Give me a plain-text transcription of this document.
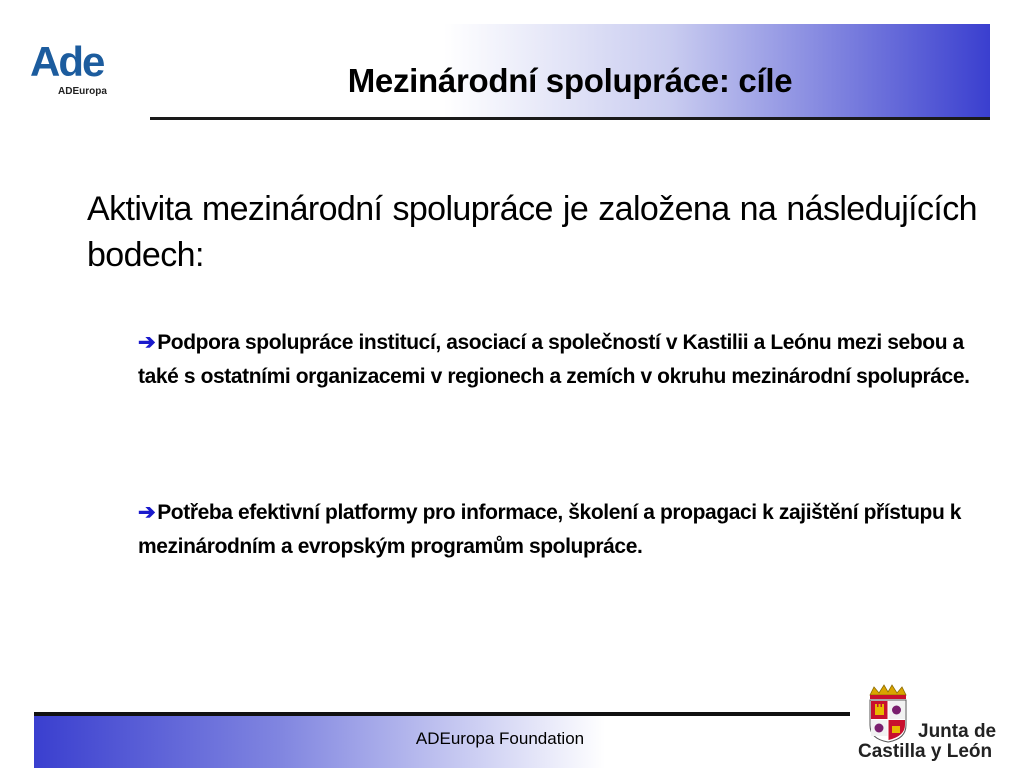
Ade
ADEuropa	Mezinárodní spolupráce: cíle
Aktivita mezinárodní spolupráce je založena na následujících bodech:
➔Podpora spolupráce institucí, asociací a společností v Kastilii a Leónu mezi sebou a také s ostatními organizacemi v regionech a zemích v okruhu mezinárodní spolupráce.
➔Potřeba efektivní platformy pro informace, školení a propagaci k zajištění přístupu k mezinárodním a evropským programům spolupráce.
ADEuropa Foundation	Junta de
Castilla y León
